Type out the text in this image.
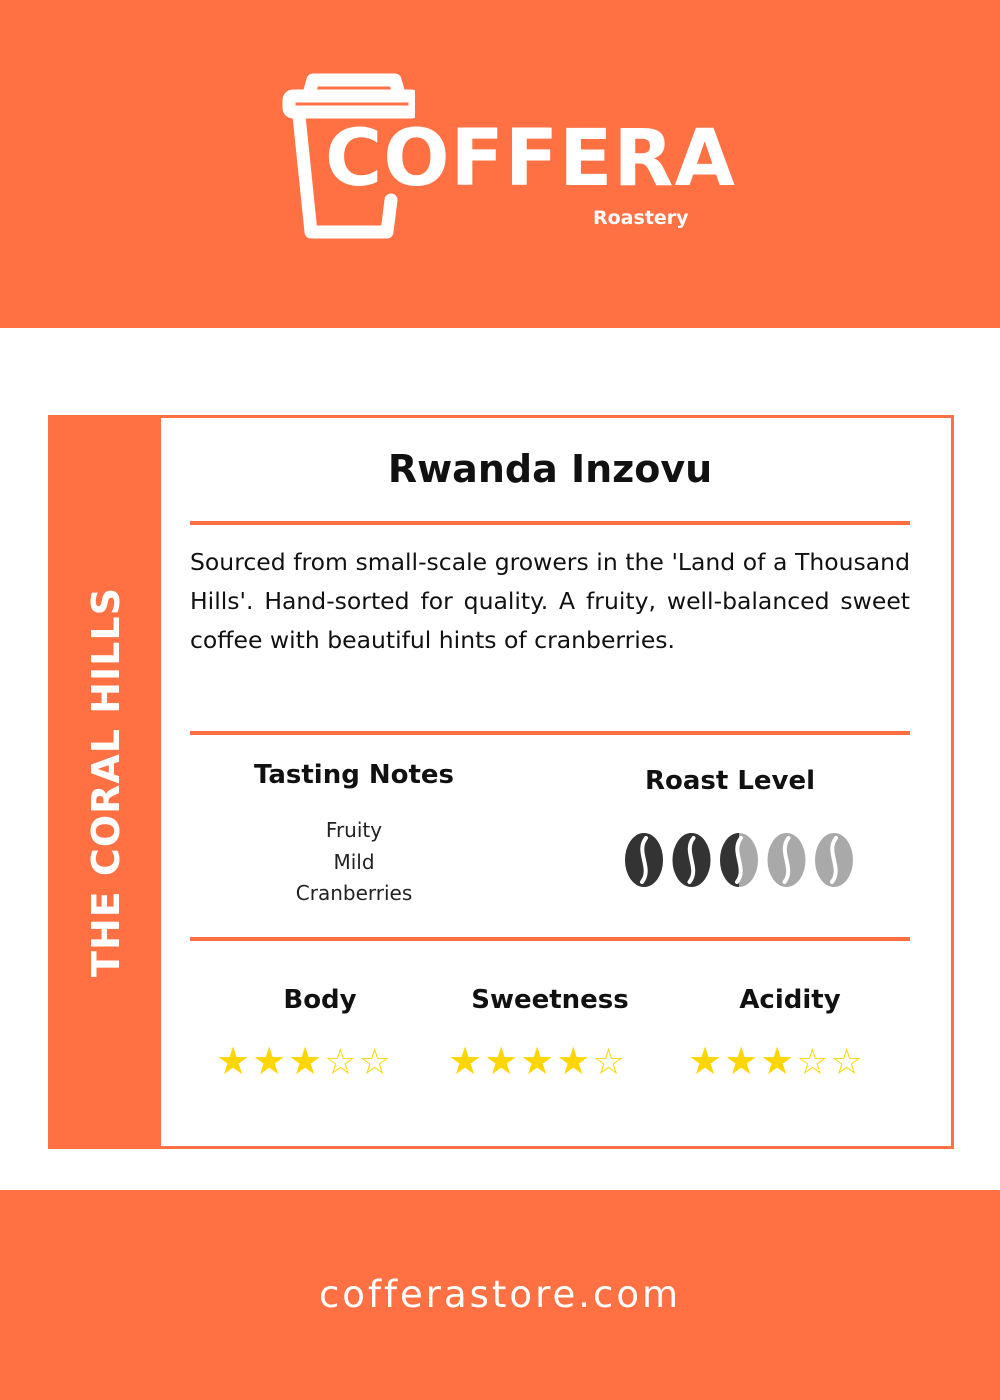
COFFERA
Roastery
THE CORAL HILLS
Rwanda Inzovu
Sourced from small-scale growers in the 'Land of a Thousand Hills'. Hand-sorted for quality. A fruity, well-balanced sweet coffee with beautiful hints of cranberries.
Tasting Notes
Fruity
Mild
Cranberries
Roast Level
Body	Sweetness	Acidity
★★★☆☆ ★★★★☆ ★★★☆☆
cofferastore.com
